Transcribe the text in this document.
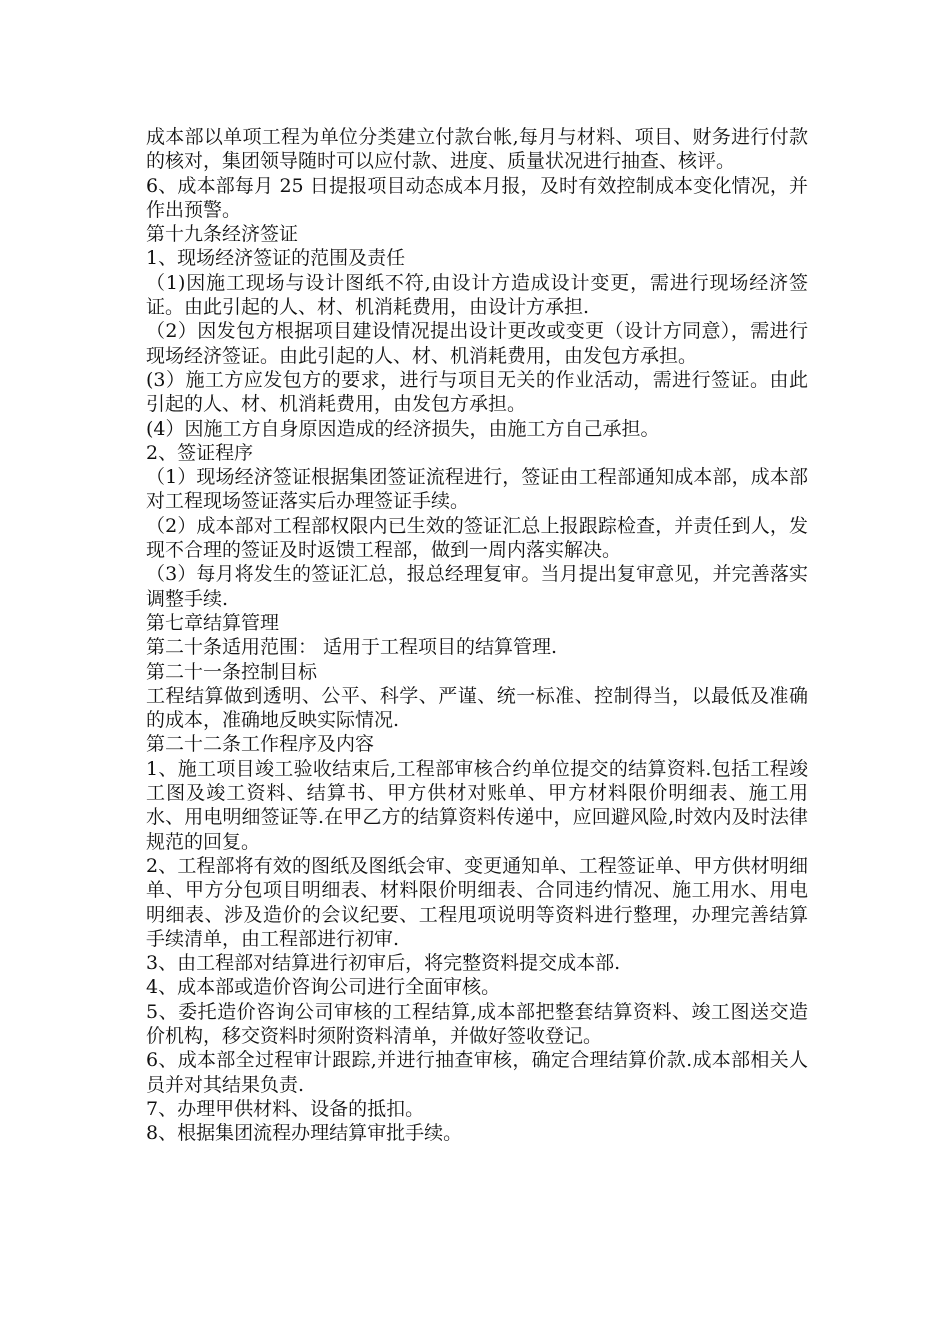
成本部以单项工程为单位分类建立付款台帐,每月与材料、项目、财务进行付款的核对，集团领导随时可以应付款、进度、质量状况进行抽查、核评。

6、成本部每月 25 日提报项目动态成本月报，及时有效控制成本变化情况，并作出预警。

第十九条经济签证

1、现场经济签证的范围及责任

（1)因施工现场与设计图纸不符,由设计方造成设计变更，需进行现场经济签证。由此引起的人、材、机消耗费用，由设计方承担.

（2）因发包方根据项目建设情况提出设计更改或变更（设计方同意），需进行现场经济签证。由此引起的人、材、机消耗费用，由发包方承担。

(3）施工方应发包方的要求，进行与项目无关的作业活动，需进行签证。由此引起的人、材、机消耗费用，由发包方承担。

(4）因施工方自身原因造成的经济损失，由施工方自己承担。

2、签证程序

（1）现场经济签证根据集团签证流程进行，签证由工程部通知成本部，成本部对工程现场签证落实后办理签证手续。

（2）成本部对工程部权限内已生效的签证汇总上报跟踪检查，并责任到人，发现不合理的签证及时返馈工程部，做到一周内落实解决。

（3）每月将发生的签证汇总，报总经理复审。当月提出复审意见，并完善落实调整手续.

第七章结算管理

第二十条适用范围： 适用于工程项目的结算管理.

第二十一条控制目标

工程结算做到透明、公平、科学、严谨、统一标准、控制得当，以最低及准确的成本，准确地反映实际情况.

第二十二条工作程序及内容

1、施工项目竣工验收结束后,工程部审核合约单位提交的结算资料.包括工程竣工图及竣工资料、结算书、甲方供材对账单、甲方材料限价明细表、施工用水、用电明细签证等.在甲乙方的结算资料传递中，应回避风险,时效内及时法律规范的回复。

2、工程部将有效的图纸及图纸会审、变更通知单、工程签证单、甲方供材明细单、甲方分包项目明细表、材料限价明细表、合同违约情况、施工用水、用电明细表、涉及造价的会议纪要、工程甩项说明等资料进行整理，办理完善结算手续清单，由工程部进行初审.

3、由工程部对结算进行初审后，将完整资料提交成本部.

4、成本部或造价咨询公司进行全面审核。

5、委托造价咨询公司审核的工程结算,成本部把整套结算资料、竣工图送交造价机构，移交资料时须附资料清单，并做好签收登记。

6、成本部全过程审计跟踪,并进行抽查审核，确定合理结算价款.成本部相关人员并对其结果负责.

7、办理甲供材料、设备的抵扣。

8、根据集团流程办理结算审批手续。
